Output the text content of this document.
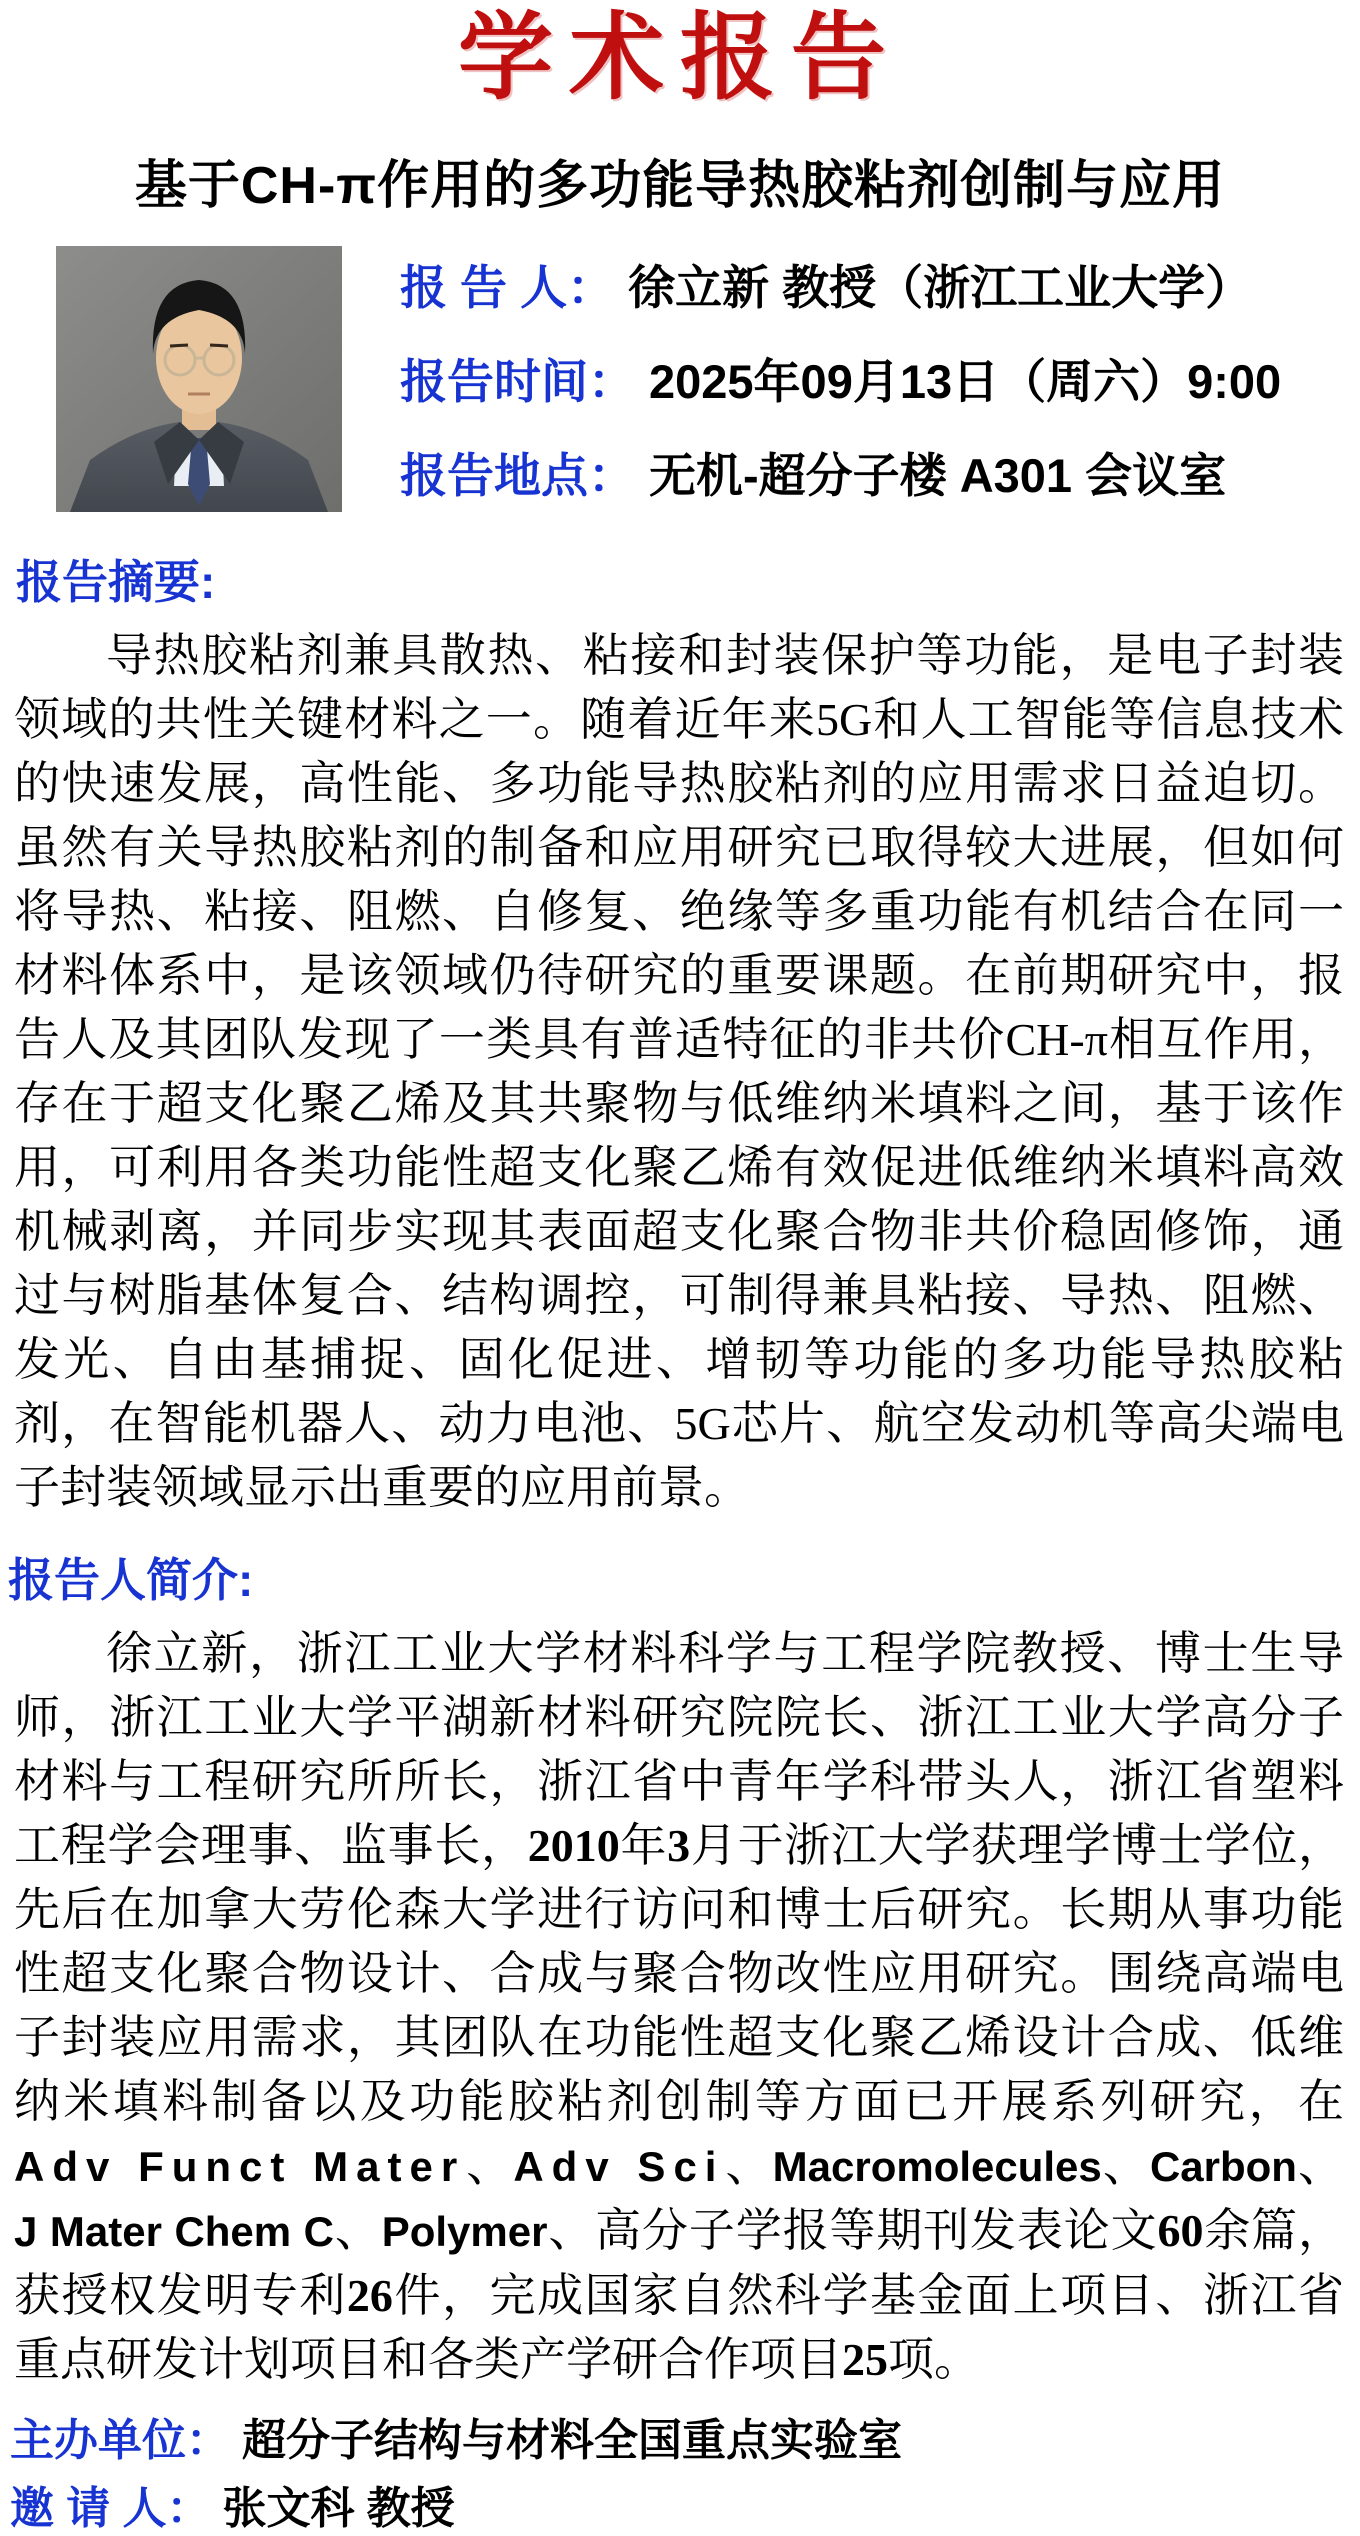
学术报告
基于CH-π作用的多功能导热胶粘剂创制与应用
报 告 人： 徐立新 教授（浙江工业大学）
报告时间： 2025年09月13日（周六）9:00
报告地点： 无机-超分子楼 A301 会议室
报告摘要:

导热胶粘剂兼具散热、粘接和封装保护等功能，是电子封装领域的共性关键材料之一。随着近年来5G和人工智能等信息技术的快速发展，高性能、多功能导热胶粘剂的应用需求日益迫切。虽然有关导热胶粘剂的制备和应用研究已取得较大进展，但如何将导热、粘接、阻燃、自修复、绝缘等多重功能有机结合在同一材料体系中，是该领域仍待研究的重要课题。在前期研究中，报告人及其团队发现了一类具有普适特征的非共价CH-π相互作用，存在于超支化聚乙烯及其共聚物与低维纳米填料之间，基于该作用，可利用各类功能性超支化聚乙烯有效促进低维纳米填料高效机械剥离，并同步实现其表面超支化聚合物非共价稳固修饰，通过与树脂基体复合、结构调控，可制得兼具粘接、导热、阻燃、发光、自由基捕捉、固化促进、增韧等功能的多功能导热胶粘剂，在智能机器人、动力电池、5G芯片、航空发动机等高尖端电子封装领域显示出重要的应用前景。

报告人简介:

徐立新，浙江工业大学材料科学与工程学院教授、博士生导师，浙江工业大学平湖新材料研究院院长、浙江工业大学高分子材料与工程研究所所长，浙江省中青年学科带头人，浙江省塑料工程学会理事、监事长，2010年3月于浙江大学获理学博士学位，先后在加拿大劳伦森大学进行访问和博士后研究。长期从事功能性超支化聚合物设计、合成与聚合物改性应用研究。围绕高端电子封装应用需求，其团队在功能性超支化聚乙烯设计合成、低维纳米填料制备以及功能胶粘剂创制等方面已开展系列研究，在Adv Funct Mater、Adv Sci、Macromolecules、Carbon、J Mater Chem C、Polymer、高分子学报等期刊发表论文60余篇，获授权发明专利26件，完成国家自然科学基金面上项目、浙江省重点研发计划项目和各类产学研合作项目25项。

主办单位： 超分子结构与材料全国重点实验室
邀 请 人： 张文科 教授
